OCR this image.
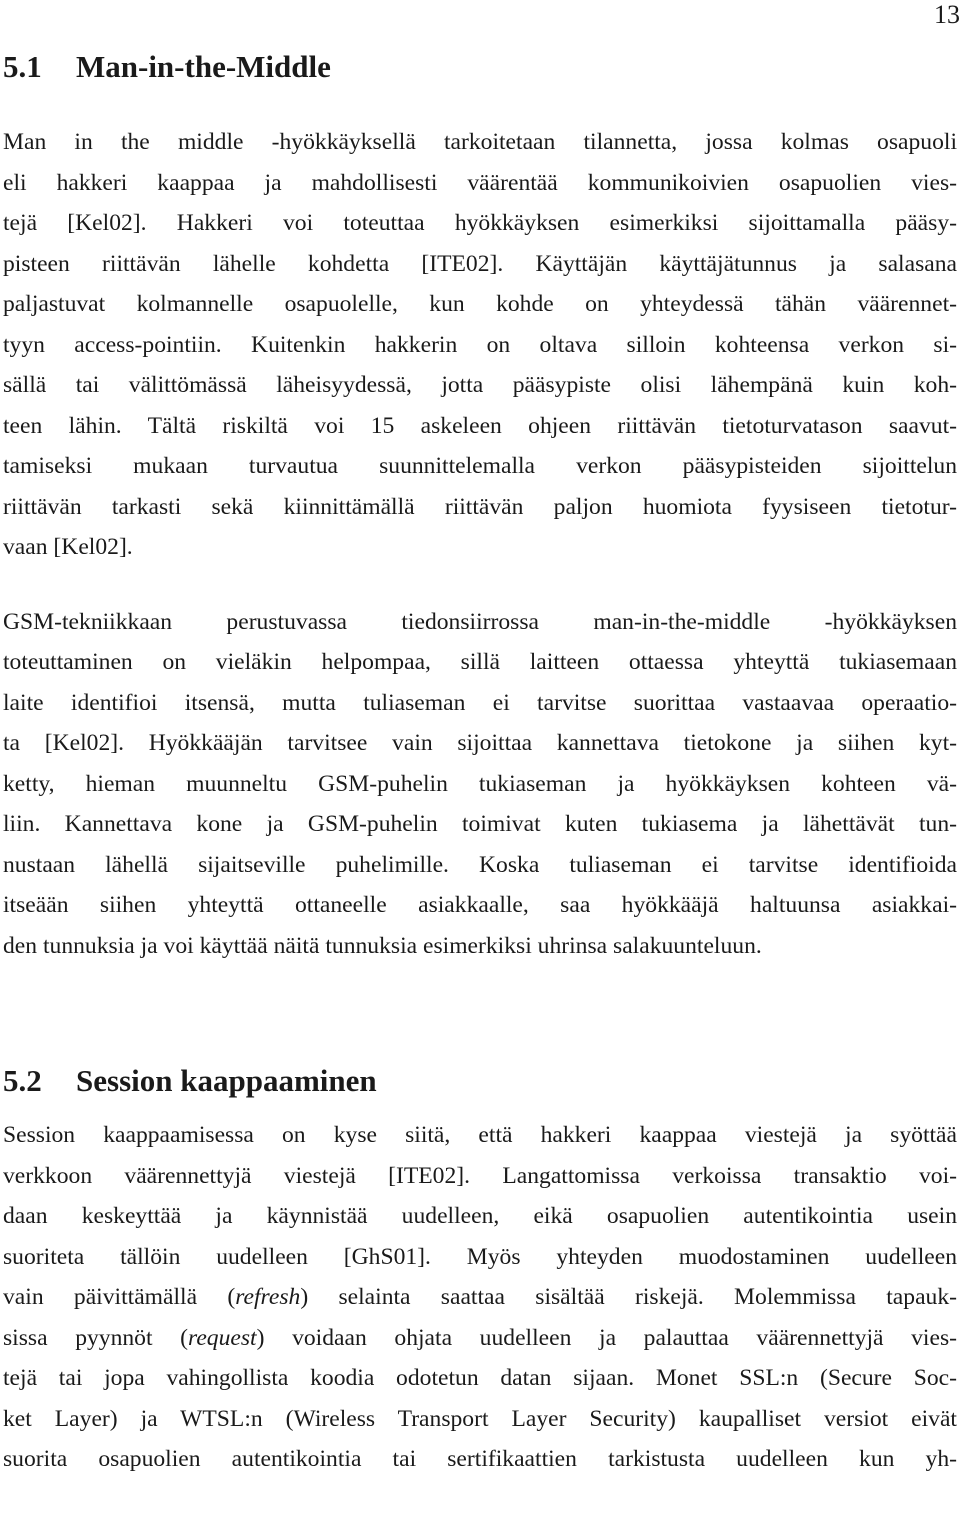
13
5.1	Man-in-the-Middle
Man in the middle -hyökkäyksellä tarkoitetaan tilannetta, jossa kolmas osapuoli
eli hakkeri kaappaa ja mahdollisesti väärentää kommunikoivien osapuolien vies-
tejä [Kel02]. Hakkeri voi toteuttaa hyökkäyksen esimerkiksi sijoittamalla pääsy-
pisteen riittävän lähelle kohdetta [ITE02]. Käyttäjän käyttäjätunnus ja salasana
paljastuvat kolmannelle osapuolelle, kun kohde on yhteydessä tähän väärennet-
tyyn access-pointiin. Kuitenkin hakkerin on oltava silloin kohteensa verkon si-
sällä tai välittömässä läheisyydessä, jotta pääsypiste olisi lähempänä kuin koh-
teen lähin. Tältä riskiltä voi 15 askeleen ohjeen riittävän tietoturvatason saavut-
tamiseksi mukaan turvautua suunnittelemalla verkon pääsypisteiden sijoittelun
riittävän tarkasti sekä kiinnittämällä riittävän paljon huomiota fyysiseen tietotur-
vaan [Kel02].
GSM-tekniikkaan perustuvassa tiedonsiirrossa man-in-the-middle -hyökkäyksen
toteuttaminen on vieläkin helpompaa, sillä laitteen ottaessa yhteyttä tukiasemaan
laite identifioi itsensä, mutta tuliaseman ei tarvitse suorittaa vastaavaa operaatio-
ta [Kel02]. Hyökkääjän tarvitsee vain sijoittaa kannettava tietokone ja siihen kyt-
ketty, hieman muunneltu GSM-puhelin tukiaseman ja hyökkäyksen kohteen vä-
liin. Kannettava kone ja GSM-puhelin toimivat kuten tukiasema ja lähettävät tun-
nustaan lähellä sijaitseville puhelimille. Koska tuliaseman ei tarvitse identifioida
itseään siihen yhteyttä ottaneelle asiakkaalle, saa hyökkääjä haltuunsa asiakkai-
den tunnuksia ja voi käyttää näitä tunnuksia esimerkiksi uhrinsa salakuunteluun.
5.2	Session kaappaaminen
Session kaappaamisessa on kyse siitä, että hakkeri kaappaa viestejä ja syöttää
verkkoon väärennettyjä viestejä [ITE02]. Langattomissa verkoissa transaktio voi-
daan keskeyttää ja käynnistää uudelleen, eikä osapuolien autentikointia usein
suoriteta tällöin uudelleen [GhS01]. Myös yhteyden muodostaminen uudelleen
vain päivittämällä (refresh) selainta saattaa sisältää riskejä. Molemmissa tapauk-
sissa pyynnöt (request) voidaan ohjata uudelleen ja palauttaa väärennettyjä vies-
tejä tai jopa vahingollista koodia odotetun datan sijaan. Monet SSL:n (Secure Soc-
ket Layer) ja WTSL:n (Wireless Transport Layer Security) kaupalliset versiot eivät
suorita osapuolien autentikointia tai sertifikaattien tarkistusta uudelleen kun yh-
